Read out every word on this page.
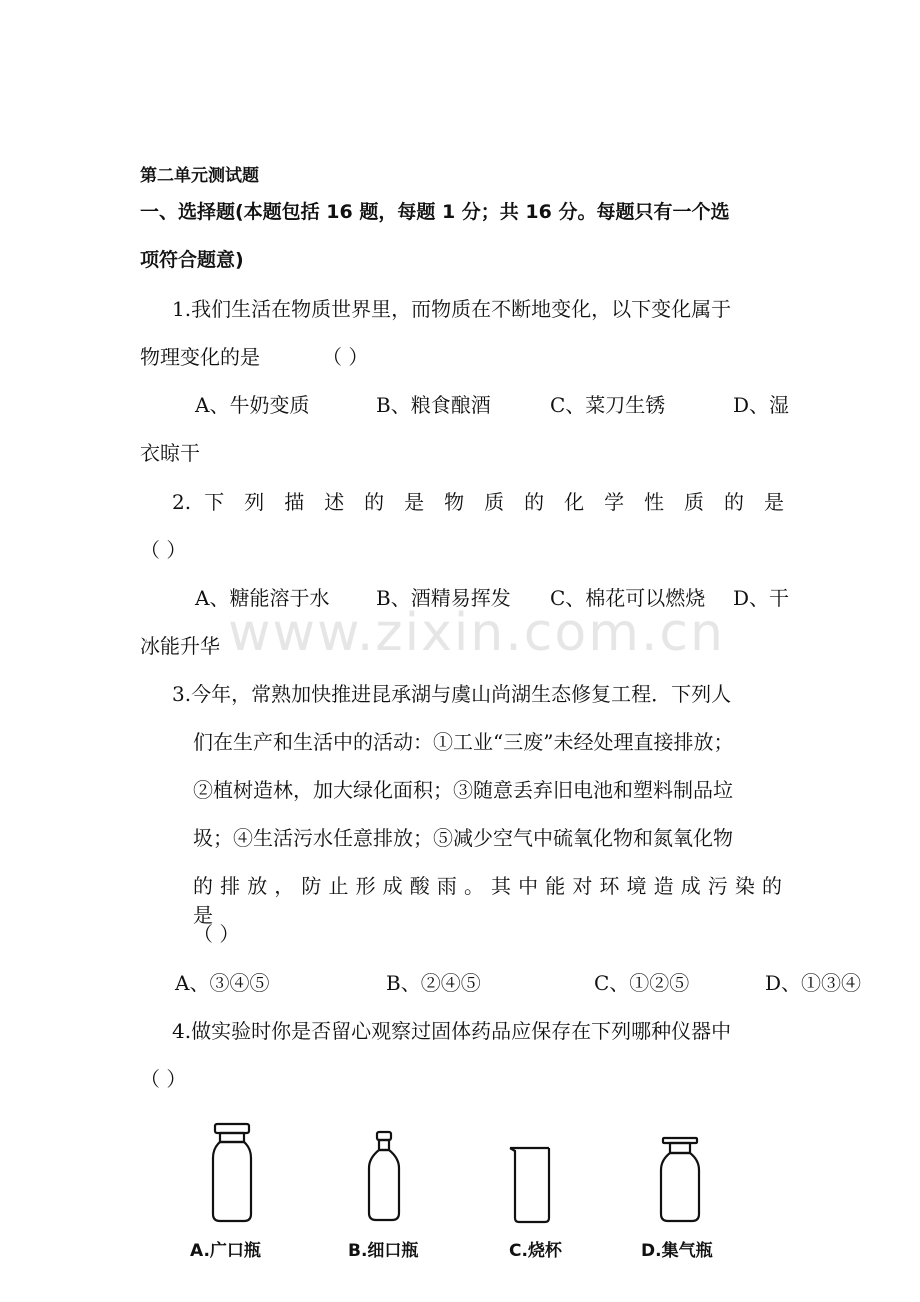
第二单元测试题
一、选择题(本题包括 16 题，每题 1 分；共 16 分。每题只有一个选
项符合题意)
www.zixin.com.cn
1.我们生活在物质世界里，而物质在不断地变化，以下变化属于
物理变化的是	（ ）
A、牛奶变质	B、粮食酿酒	C、菜刀生锈	D、湿
衣晾干
2. 下 列 描 述 的 是 物 质 的 化 学 性 质 的 是
（ ）
A、糖能溶于水 B、酒精易挥发 C、棉花可以燃烧 D、干
冰能升华
3.今年，常熟加快推进昆承湖与虞山尚湖生态修复工程．下列人
们在生产和生活中的活动：①工业“三废”未经处理直接排放；
②植树造林，加大绿化面积；③随意丢弃旧电池和塑料制品垃
圾；④生活污水任意排放；⑤减少空气中硫氧化物和氮氧化物
的 排 放 ， 防 止 形 成 酸 雨 。 其 中 能 对 环 境 造 成 污 染 的 是
（ ）
A、③④⑤	B、②④⑤	C、①②⑤	D、①③④
4.做实验时你是否留心观察过固体药品应保存在下列哪种仪器中
（ ）
A.广口瓶	B.细口瓶	C.烧杯	D.集气瓶
